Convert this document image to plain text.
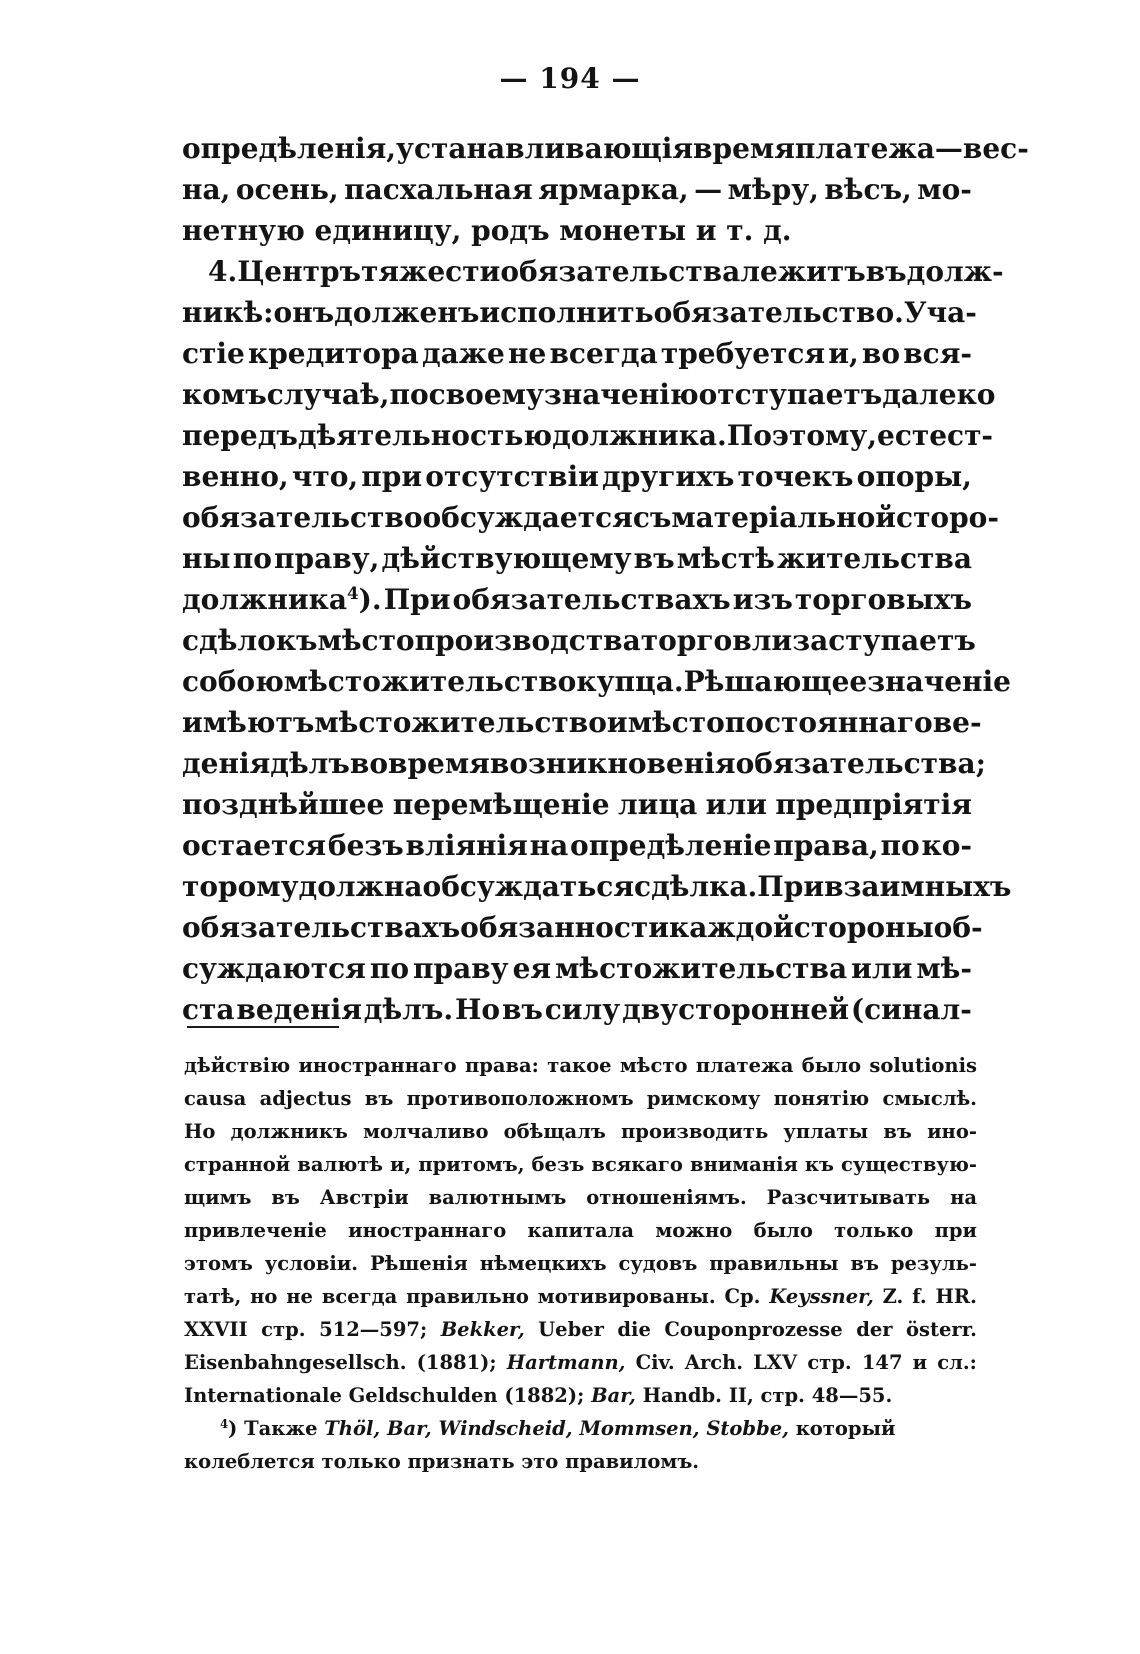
— 194 —
опредѣленія, устанавливающія время платежа — вес-
на, осень, пасхальная ярмарка, — мѣру, вѣсъ, мо-
нетную единицу, родъ монеты и т. д.
4. Центръ тяжести обязательства лежитъ въ долж-
никѣ: онъ долженъ исполнить обязательство. Уча-
стіе кредитора даже не всегда требуется и, во вся-
комъ случаѣ, по своему значенію отступаетъ далеко
передъ дѣятельностью должника. Поэтому, естест-
венно, что, при отсутствіи другихъ точекъ опоры,
обязательство обсуждается съ матеріальной сторо-
ны по праву, дѣйствующему въ мѣстѣ жительства
должника$^4$). При обязательствахъ изъ торговыхъ
сдѣлокъ мѣсто производства торговли заступаетъ
собою мѣстожительство купца. Рѣшающее значеніе
имѣютъ мѣстожительство и мѣсто постояннаго ве-
денія дѣлъ во время возникновенія обязательства;
позднѣйшее перемѣщеніе лица или предпріятія
остается безъ вліянія на опредѣленіе права, по ко-
торому должна обсуждаться сдѣлка. При взаимныхъ
обязательствахъ обязанности каждой стороны об-
суждаются по праву ея мѣстожительства или мѣ-
ста веденія дѣлъ. Но въ силу двусторонней (синал-
дѣйствію иностраннаго права: такое мѣсто платежа было solutionis
causa adjectus въ противоположномъ римскому понятію смыслѣ.
Но должникъ молчаливо обѣщалъ производить уплаты въ ино-
странной валютѣ и, притомъ, безъ всякаго вниманія къ существую-
щимъ въ Австріи валютнымъ отношеніямъ. Разсчитывать на
привлеченіе иностраннаго капитала можно было только при
этомъ условіи. Рѣшенія нѣмецкихъ судовъ правильны въ резуль-
татѣ, но не всегда правильно мотивированы. Ср. Keyssner, Z. f. HR.
XXVII стр. 512—597; Bekker, Ueber die Couponprozesse der österr.
Eisenbahngesellsch. (1881); Hartmann, Civ. Arch. LXV стр. 147 и сл.:
Internationale Geldschulden (1882); Bar, Handb. II, стр. 48—55.
$^4$) Также Thöl, Bar, Windscheid, Mommsen, Stobbe, который
колеблется только признать это правиломъ.
